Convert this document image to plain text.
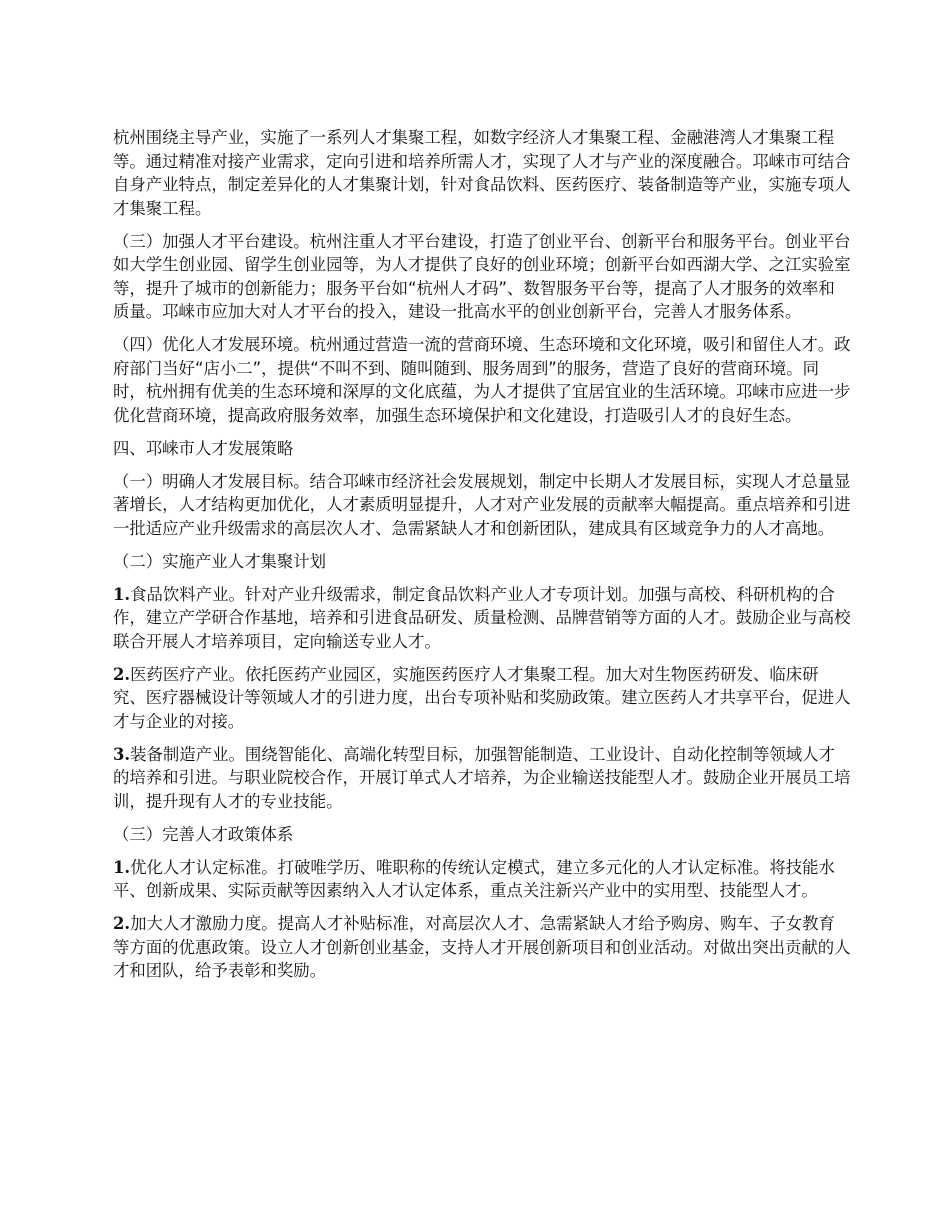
杭州围绕主导产业，实施了一系列人才集聚工程，如数字经济人才集聚工程、金融港湾人才集聚工程等。通过精准对接产业需求，定向引进和培养所需人才，实现了人才与产业的深度融合。邛崃市可结合自身产业特点，制定差异化的人才集聚计划，针对食品饮料、医药医疗、装备制造等产业，实施专项人才集聚工程。

（三）加强人才平台建设。杭州注重人才平台建设，打造了创业平台、创新平台和服务平台。创业平台如大学生创业园、留学生创业园等，为人才提供了良好的创业环境；创新平台如西湖大学、之江实验室等，提升了城市的创新能力；服务平台如“杭州人才码”、数智服务平台等，提高了人才服务的效率和质量。邛崃市应加大对人才平台的投入，建设一批高水平的创业创新平台，完善人才服务体系。

（四）优化人才发展环境。杭州通过营造一流的营商环境、生态环境和文化环境，吸引和留住人才。政府部门当好“店小二”，提供“不叫不到、随叫随到、服务周到”的服务，营造了良好的营商环境。同时，杭州拥有优美的生态环境和深厚的文化底蕴，为人才提供了宜居宜业的生活环境。邛崃市应进一步优化营商环境，提高政府服务效率，加强生态环境保护和文化建设，打造吸引人才的良好生态。

四、邛崃市人才发展策略

（一）明确人才发展目标。结合邛崃市经济社会发展规划，制定中长期人才发展目标，实现人才总量显著增长，人才结构更加优化，人才素质明显提升，人才对产业发展的贡献率大幅提高。重点培养和引进一批适应产业升级需求的高层次人才、急需紧缺人才和创新团队，建成具有区域竞争力的人才高地。

（二）实施产业人才集聚计划

1.食品饮料产业。针对产业升级需求，制定食品饮料产业人才专项计划。加强与高校、科研机构的合作，建立产学研合作基地，培养和引进食品研发、质量检测、品牌营销等方面的人才。鼓励企业与高校联合开展人才培养项目，定向输送专业人才。

2.医药医疗产业。依托医药产业园区，实施医药医疗人才集聚工程。加大对生物医药研发、临床研究、医疗器械设计等领域人才的引进力度，出台专项补贴和奖励政策。建立医药人才共享平台，促进人才与企业的对接。

3.装备制造产业。围绕智能化、高端化转型目标，加强智能制造、工业设计、自动化控制等领域人才的培养和引进。与职业院校合作，开展订单式人才培养，为企业输送技能型人才。鼓励企业开展员工培训，提升现有人才的专业技能。

（三）完善人才政策体系

1.优化人才认定标准。打破唯学历、唯职称的传统认定模式，建立多元化的人才认定标准。将技能水平、创新成果、实际贡献等因素纳入人才认定体系，重点关注新兴产业中的实用型、技能型人才。

2.加大人才激励力度。提高人才补贴标准，对高层次人才、急需紧缺人才给予购房、购车、子女教育等方面的优惠政策。设立人才创新创业基金，支持人才开展创新项目和创业活动。对做出突出贡献的人才和团队，给予表彰和奖励。
